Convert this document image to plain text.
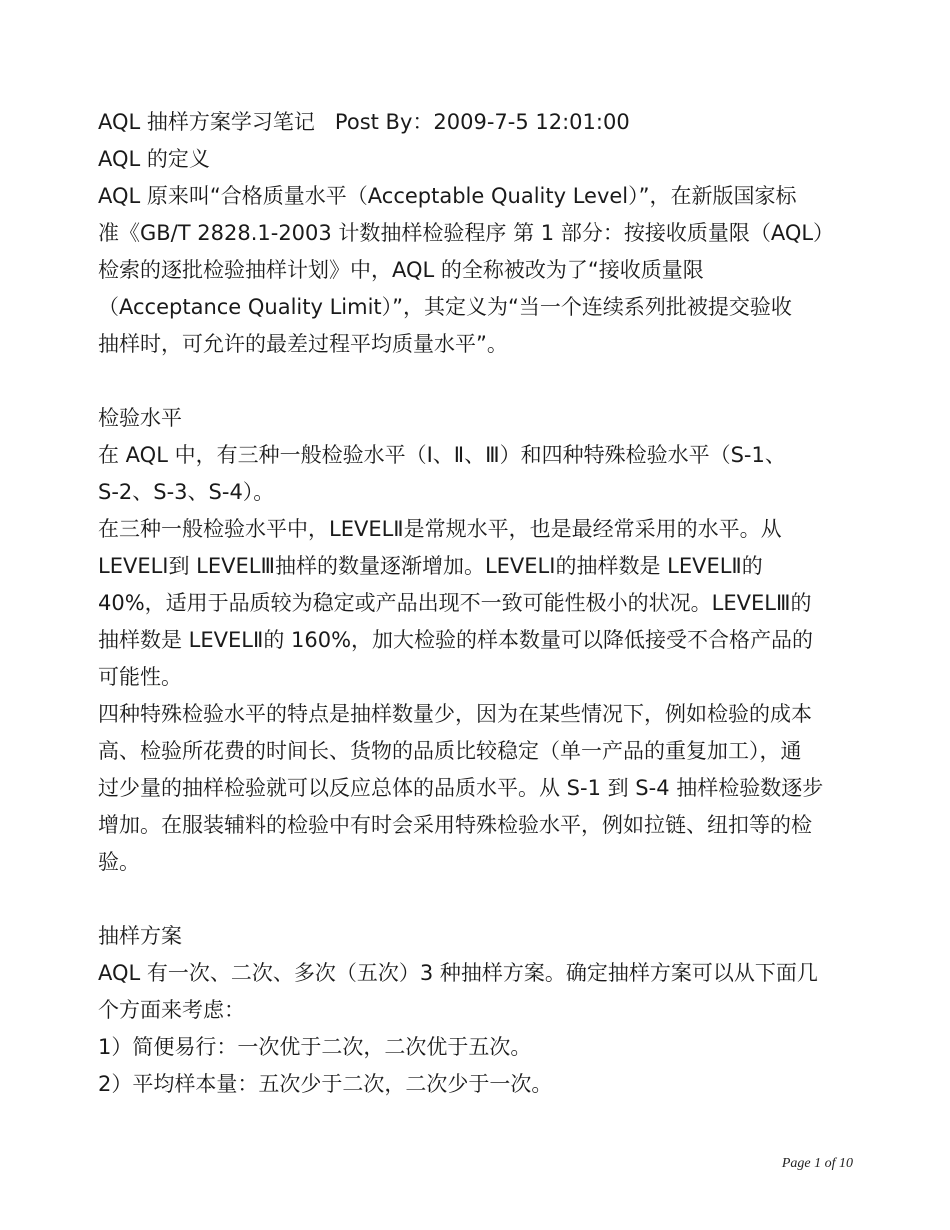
AQL 抽样方案学习笔记   Post By：2009-7-5 12:01:00
AQL 的定义
AQL 原来叫“合格质量水平（Acceptable Quality Level）”，在新版国家标
准《GB/T 2828.1-2003 计数抽样检验程序 第 1 部分：按接收质量限（AQL）
检索的逐批检验抽样计划》中，AQL 的全称被改为了“接收质量限
（Acceptance Quality Limit）”，其定义为“当一个连续系列批被提交验收
抽样时，可允许的最差过程平均质量水平”。
检验水平
在 AQL 中，有三种一般检验水平（Ⅰ、Ⅱ、Ⅲ）和四种特殊检验水平（S-1、
S-2、S-3、S-4）。
在三种一般检验水平中，LEVELⅡ是常规水平，也是最经常采用的水平。从
LEVELⅠ到 LEVELⅢ抽样的数量逐渐增加。LEVELⅠ的抽样数是 LEVELⅡ的
40%，适用于品质较为稳定或产品出现不一致可能性极小的状况。LEVELⅢ的
抽样数是 LEVELⅡ的 160%，加大检验的样本数量可以降低接受不合格产品的
可能性。
四种特殊检验水平的特点是抽样数量少，因为在某些情况下，例如检验的成本
高、检验所花费的时间长、货物的品质比较稳定（单一产品的重复加工），通
过少量的抽样检验就可以反应总体的品质水平。从 S-1 到 S-4 抽样检验数逐步
增加。在服装辅料的检验中有时会采用特殊检验水平，例如拉链、纽扣等的检
验。
抽样方案
AQL 有一次、二次、多次（五次）3 种抽样方案。确定抽样方案可以从下面几
个方面来考虑：
1）简便易行：一次优于二次，二次优于五次。
2）平均样本量：五次少于二次，二次少于一次。
Page 1 of 10
